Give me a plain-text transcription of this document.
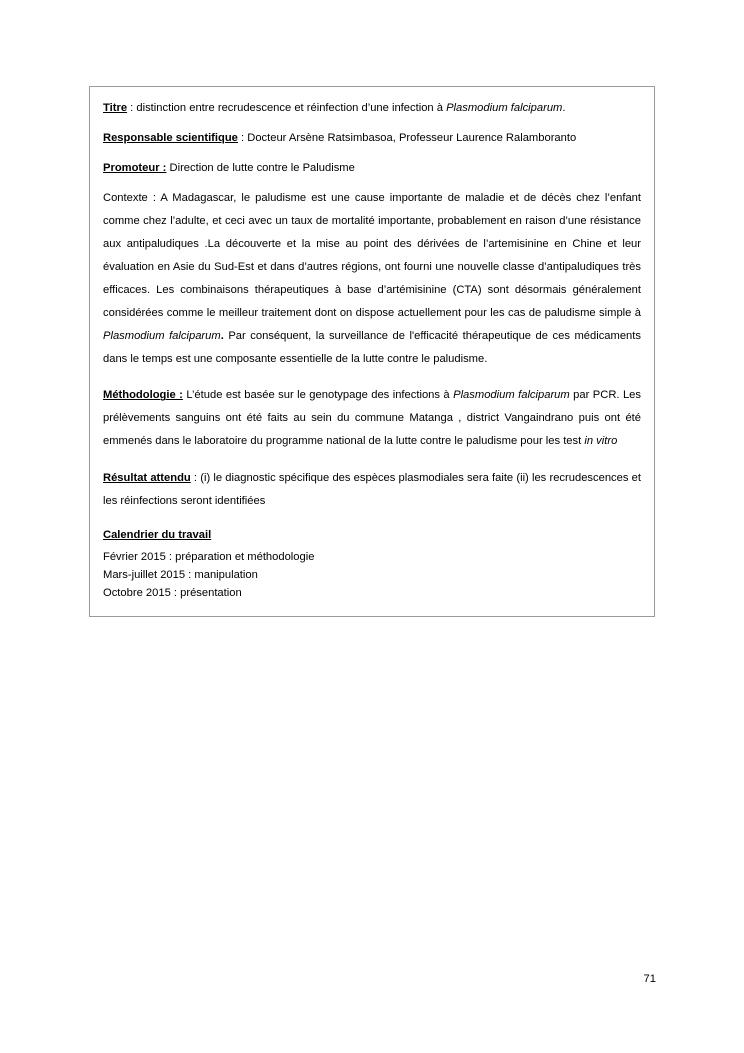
Titre : distinction entre recrudescence et réinfection d’une infection à Plasmodium falciparum.

Responsable scientifique : Docteur Arsène Ratsimbasoa, Professeur Laurence Ralamboranto

Promoteur : Direction de lutte contre le Paludisme

Contexte : A Madagascar, le paludisme est une cause importante de maladie et de décès chez l’enfant comme chez l’adulte, et ceci avec un taux de mortalité importante, probablement en raison d’une résistance aux antipaludiques .La découverte et la mise au point des dérivées de l’artemisinine en Chine et leur évaluation en Asie du Sud-Est et dans d’autres régions, ont fourni une nouvelle classe d’antipaludiques très efficaces. Les combinaisons thérapeutiques à base d’artémisinine (CTA) sont désormais généralement considérées comme le meilleur traitement dont on dispose actuellement pour les cas de paludisme simple à Plasmodium falciparum. Par conséquent, la surveillance de l'efficacité thérapeutique de ces médicaments dans le temps est une composante essentielle de la lutte contre le paludisme.

Méthodologie : L’étude est basée sur le genotypage des infections à Plasmodium falciparum par PCR. Les prélèvements sanguins ont été faits au sein du commune Matanga , district Vangaindrano puis ont été emmenés dans le laboratoire du programme national de la lutte contre le paludisme pour les test in vitro

Résultat attendu : (i) le diagnostic spécifique des espèces plasmodiales sera faite (ii) les recrudescences et les réinfections seront identifiées

Calendrier du travail

Février 2015 : préparation et méthodologie

Mars-juillet 2015 : manipulation

Octobre 2015 : présentation

71
